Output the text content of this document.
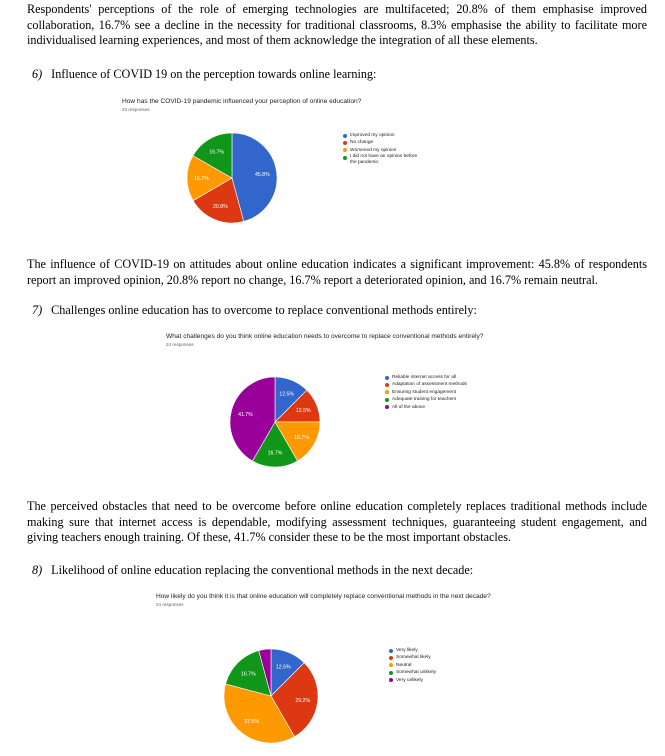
Respondents' perceptions of the role of emerging technologies are multifaceted; 20.8% of them emphasise improved collaboration, 16.7% see a decline in the necessity for traditional classrooms, 8.3% emphasise the ability to facilitate more individualised learning experiences, and most of them acknowledge the integration of all these elements.

6) Influence of COVID 19 on the perception towards online learning:

How has the COVID-19 pandemic influenced your perception of online education?

24 responses

45.8%
20.8%
16.7%
16.7%
Improved my opinion
No change
Worsened my opinion
I did not have an opinion before the pandemic

The influence of COVID-19 on attitudes about online education indicates a significant improvement: 45.8% of respondents report an improved opinion, 20.8% report no change, 16.7% report a deteriorated opinion, and 16.7% remain neutral.

7) Challenges online education has to overcome to replace conventional methods entirely:

What challenges do you think online education needs to overcome to replace conventional methods entirely?

24 responses

12.5%
12.5%
16.7%
16.7%
41.7%
Reliable internet access for all
Adaptation of assessment methods
Ensuring student engagement
Adequate training for teachers
All of the above

The perceived obstacles that need to be overcome before online education completely replaces traditional methods include making sure that internet access is dependable, modifying assessment techniques, guaranteeing student engagement, and giving teachers enough training. Of these, 41.7% consider these to be the most important obstacles.

8) Likelihood of online education replacing the conventional methods in the next decade:

How likely do you think it is that online education will completely replace conventional methods in the next decade?

24 responses

12.5%
29.2%
37.5%
16.7%
Very likely
Somewhat likely
Neutral
Somewhat unlikely
Very unlikely
